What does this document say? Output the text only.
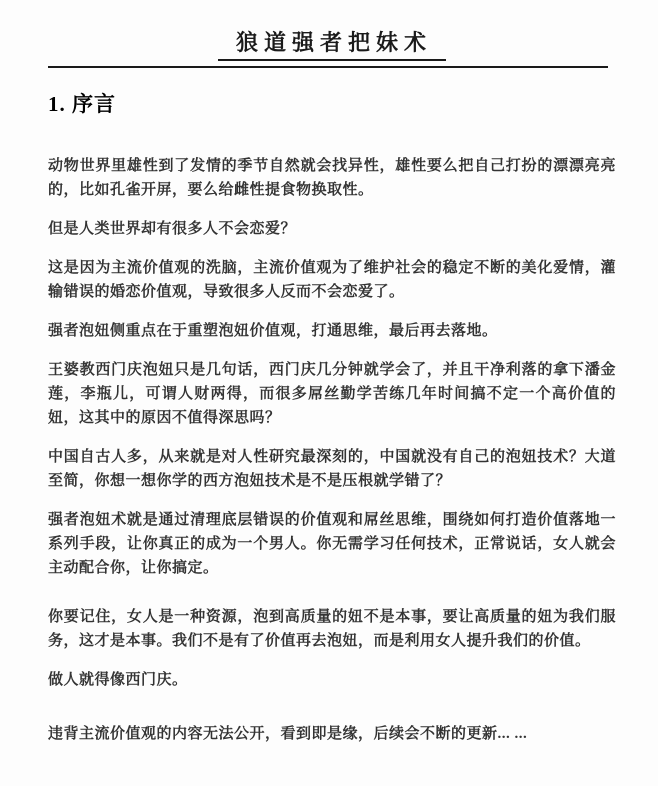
狼道强者把妹术
1. 序言

动物世界里雄性到了发情的季节自然就会找异性，雄性要么把自己打扮的漂漂亮亮的，比如孔雀开屏，要么给雌性提食物换取性。

但是人类世界却有很多人不会恋爱？

这是因为主流价值观的洗脑，主流价值观为了维护社会的稳定不断的美化爱情，灌输错误的婚恋价值观，导致很多人反而不会恋爱了。

强者泡妞侧重点在于重塑泡妞价值观，打通思维，最后再去落地。

王婆教西门庆泡妞只是几句话，西门庆几分钟就学会了，并且干净利落的拿下潘金莲，李瓶儿，可谓人财两得，而很多屌丝勤学苦练几年时间搞不定一个高价值的妞，这其中的原因不值得深思吗？

中国自古人多，从来就是对人性研究最深刻的，中国就没有自己的泡妞技术？大道至简，你想一想你学的西方泡妞技术是不是压根就学错了？

强者泡妞术就是通过清理底层错误的价值观和屌丝思维，围绕如何打造价值落地一系列手段，让你真正的成为一个男人。你无需学习任何技术，正常说话，女人就会主动配合你，让你搞定。

你要记住，女人是一种资源，泡到高质量的妞不是本事，要让高质量的妞为我们服务，这才是本事。我们不是有了价值再去泡妞，而是利用女人提升我们的价值。

做人就得像西门庆。

违背主流价值观的内容无法公开，看到即是缘，后续会不断的更新... ...
